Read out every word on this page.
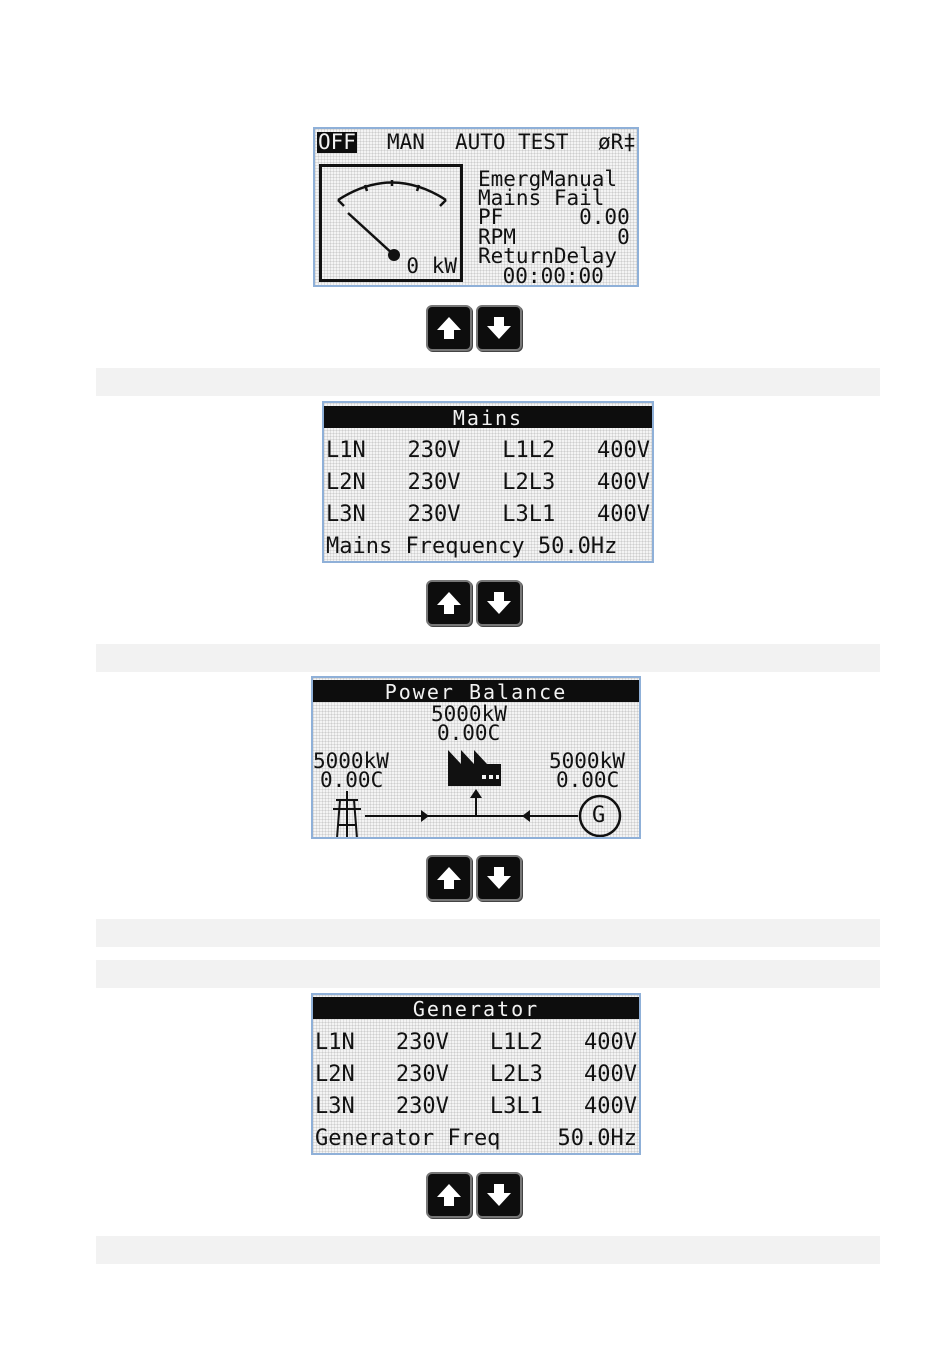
OFF MAN AUTO TEST øR‡
0 kW
EmergManual
Mains Fail
PF      0.00
RPM        0
ReturnDelay
00:00:00
Mains
L1N 230V L1L2 400V
L2N 230V L2L3 400V
L3N 230V L3L1 400V
Mains Frequency 50.0Hz
Power Balance
5000kW
0.00C
5000kW
0.00C
5000kW
0.00C
G
Generator
L1N 230V L1L2 400V
L2N 230V L2L3 400V
L3N 230V L3L1 400V
Generator Freq	50.0Hz
